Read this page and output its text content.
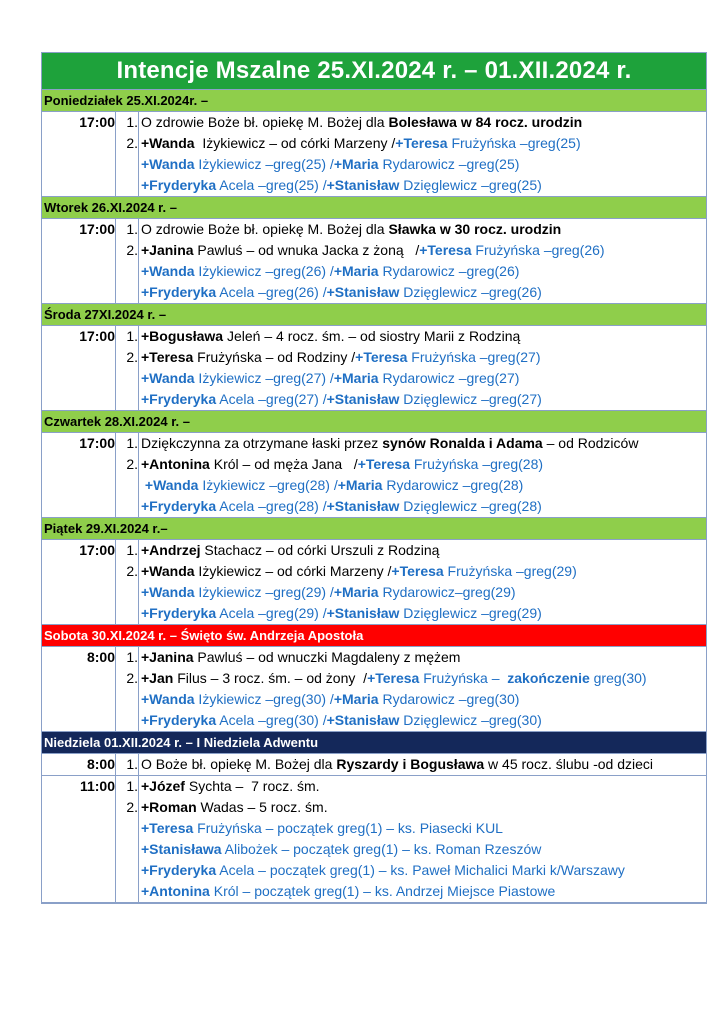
Intencje Mszalne 25.XI.2024 r. – 01.XII.2024 r.
Poniedziałek 25.XI.2024r. –
17:00 1. O zdrowie Boże bł. opiekę M. Bożej dla Bolesława w 84 rocz. urodzin
2. +Wanda  Iżykiewicz – od córki Marzeny /+Teresa Frużyńska –greg(25)
+Wanda Iżykiewicz –greg(25) /+Maria Rydarowicz –greg(25)
+Fryderyka Acela –greg(25) /+Stanisław Dzięglewicz –greg(25)
Wtorek 26.XI.2024 r. –
17:00 1. O zdrowie Boże bł. opiekę M. Bożej dla Sławka w 30 rocz. urodzin
2. +Janina Pawluś – od wnuka Jacka z żoną   /+Teresa Frużyńska –greg(26)
+Wanda Iżykiewicz –greg(26) /+Maria Rydarowicz –greg(26)
+Fryderyka Acela –greg(26) /+Stanisław Dzięglewicz –greg(26)
Środa 27XI.2024 r. –
17:00 1. +Bogusława Jeleń – 4 rocz. śm. – od siostry Marii z Rodziną
2. +Teresa Frużyńska – od Rodziny /+Teresa Frużyńska –greg(27)
+Wanda Iżykiewicz –greg(27) /+Maria Rydarowicz –greg(27)
+Fryderyka Acela –greg(27) /+Stanisław Dzięglewicz –greg(27)
Czwartek 28.XI.2024 r. –
17:00 1. Dziękczynna za otrzymane łaski przez synów Ronalda i Adama – od Rodziców
2. +Antonina Król – od męża Jana   /+Teresa Frużyńska –greg(28)
+Wanda Iżykiewicz –greg(28) /+Maria Rydarowicz –greg(28)
+Fryderyka Acela –greg(28) /+Stanisław Dzięglewicz –greg(28)
Piątek 29.XI.2024 r.–
17:00 1. +Andrzej Stachacz – od córki Urszuli z Rodziną
2. +Wanda Iżykiewicz – od córki Marzeny /+Teresa Frużyńska –greg(29)
+Wanda Iżykiewicz –greg(29) /+Maria Rydarowicz–greg(29)
+Fryderyka Acela –greg(29) /+Stanisław Dzięglewicz –greg(29)
Sobota 30.XI.2024 r. – Święto św. Andrzeja Apostoła
8:00 1. +Janina Pawluś – od wnuczki Magdaleny z mężem
2. +Jan Filus – 3 rocz. śm. – od żony  /+Teresa Frużyńska –  zakończenie greg(30)
+Wanda Iżykiewicz –greg(30) /+Maria Rydarowicz –greg(30)
+Fryderyka Acela –greg(30) /+Stanisław Dzięglewicz –greg(30)
Niedziela 01.XII.2024 r. – I Niedziela Adwentu
8:00 1. O Boże bł. opiekę M. Bożej dla Ryszardy i Bogusława w 45 rocz. ślubu -od dzieci
11:00 1. +Józef Sychta –  7 rocz. śm.
2. +Roman Wadas – 5 rocz. śm.
+Teresa Frużyńska – początek greg(1) – ks. Piasecki KUL
+Stanisława Alibożek – początek greg(1) – ks. Roman Rzeszów
+Fryderyka Acela – początek greg(1) – ks. Paweł Michalici Marki k/Warszawy
+Antonina Król – początek greg(1) – ks. Andrzej Miejsce Piastowe
